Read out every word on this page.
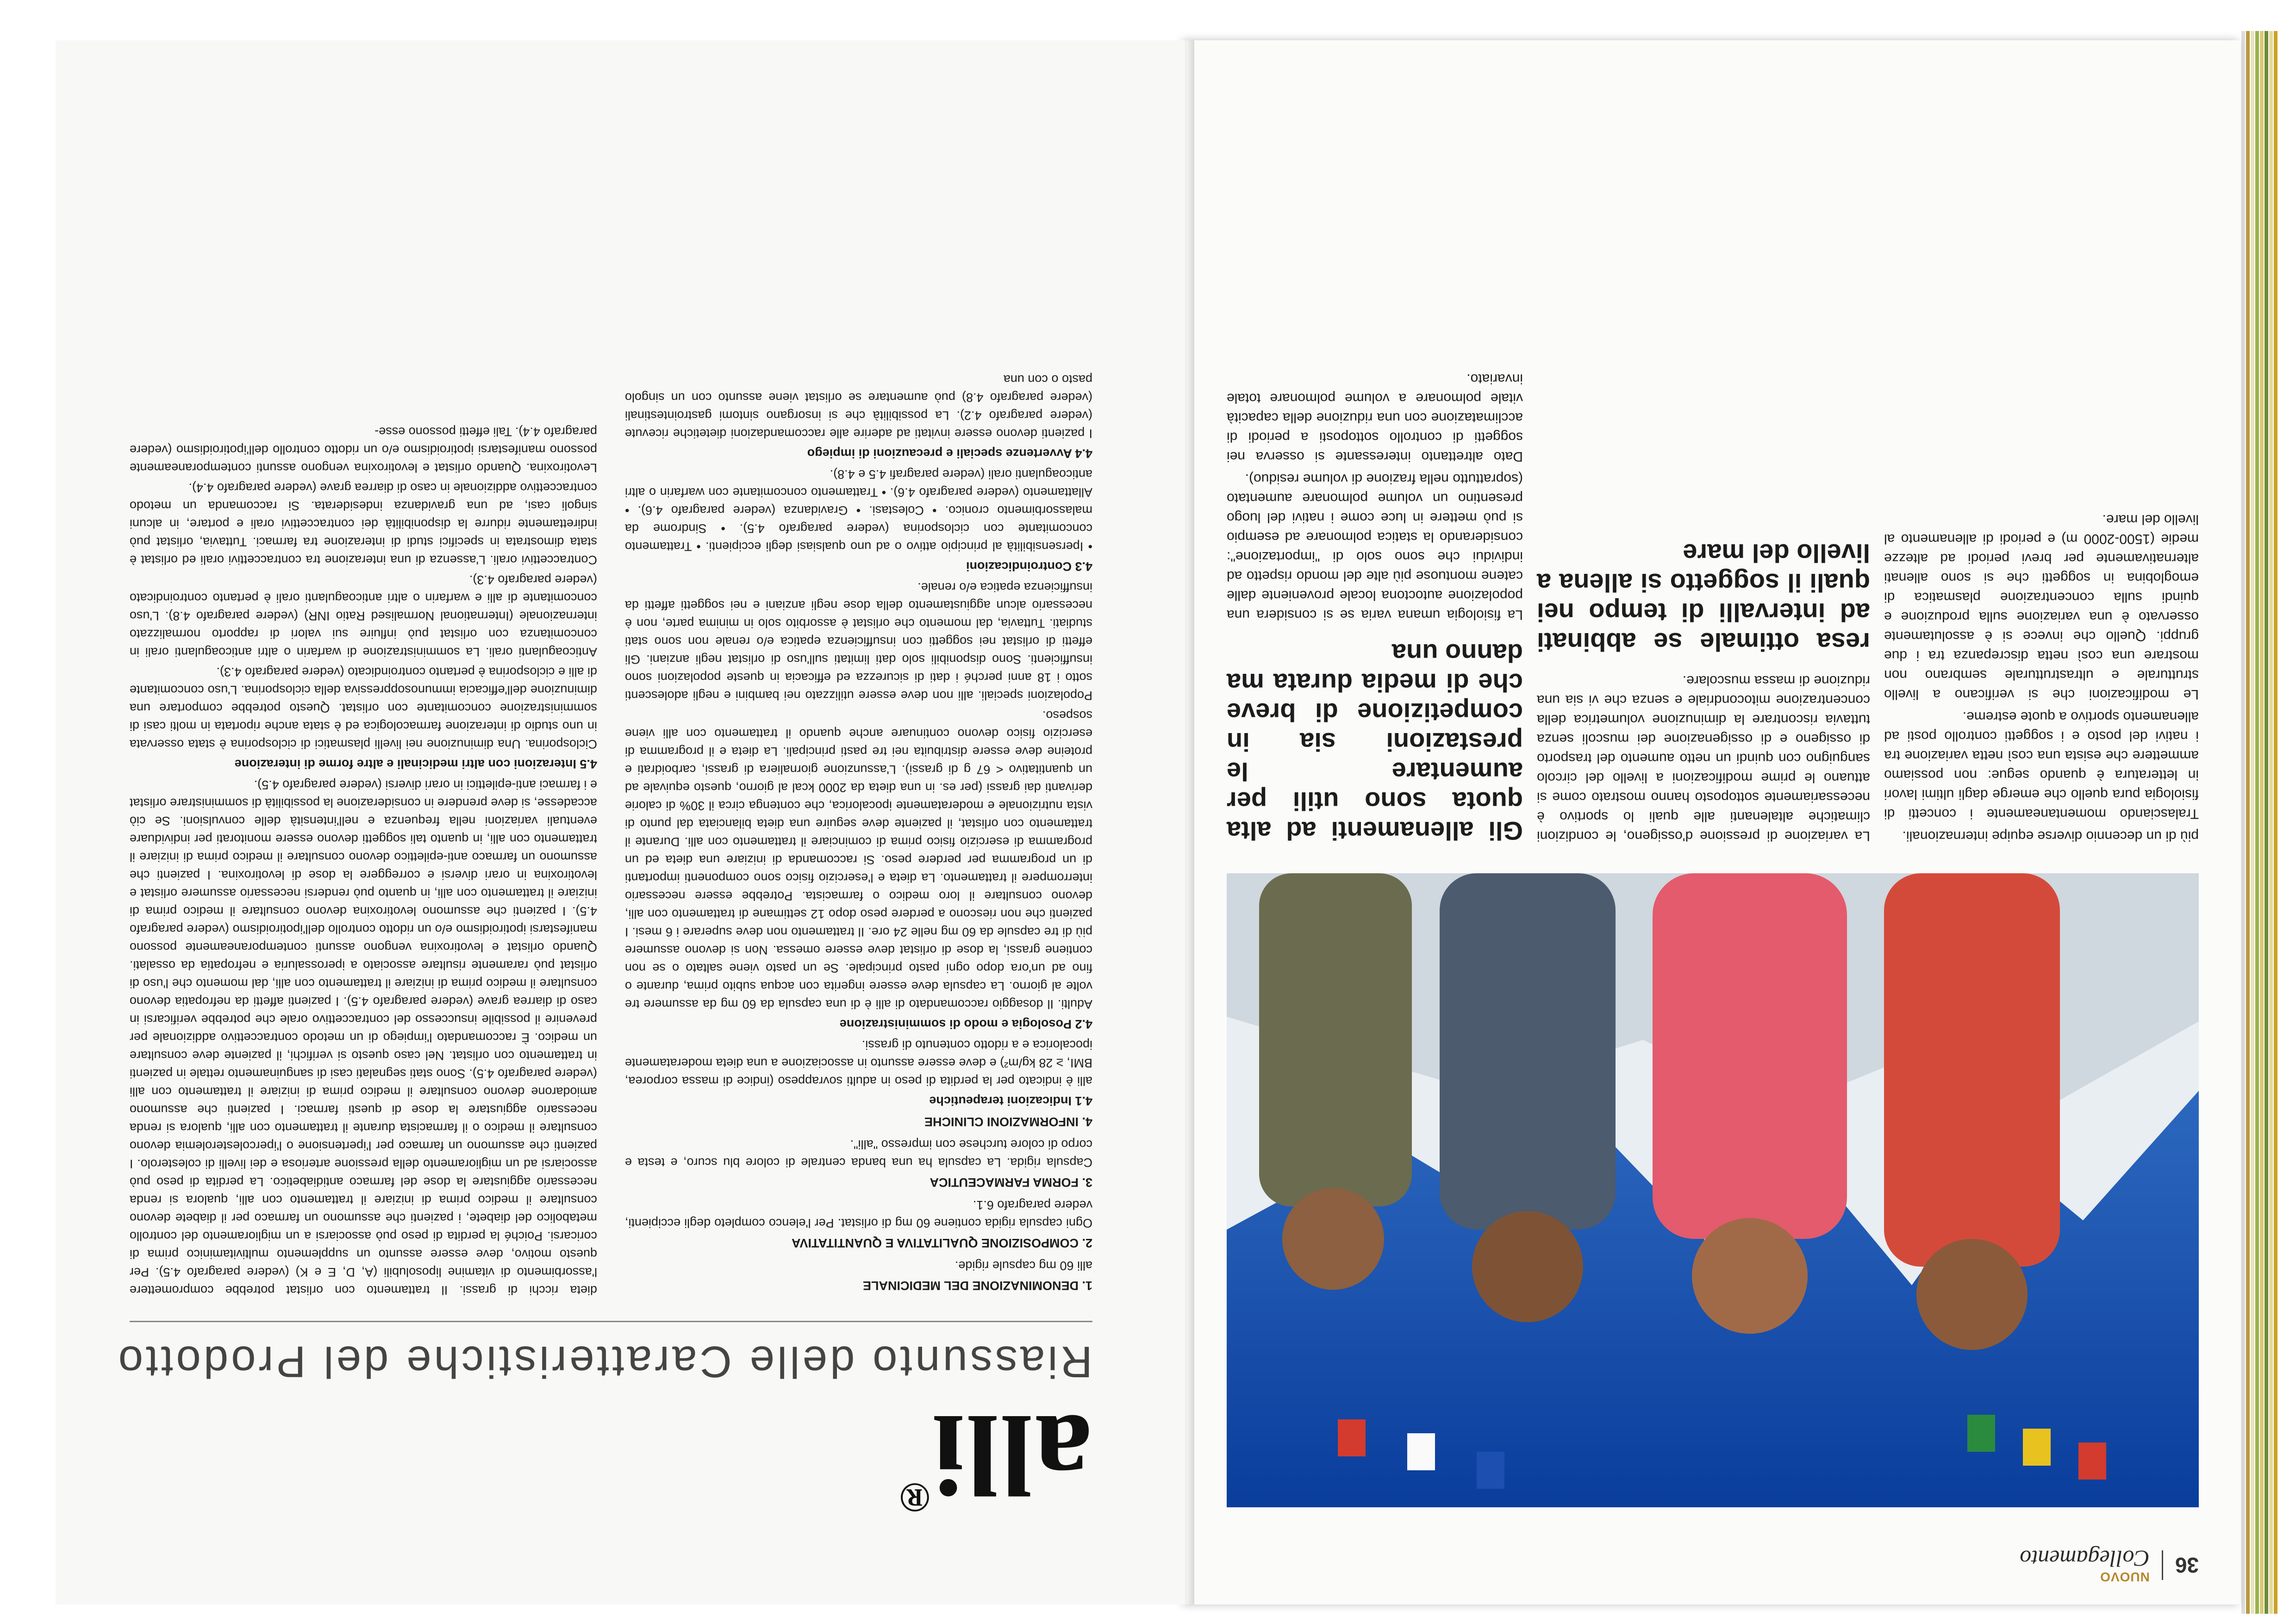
36
NUOVO
Collegamento

più di un decennio diverse equipe internazionali.

Tralasciando momentaneamente i concetti di fisiologia pura quello che emerge dagli ultimi lavori in letteratura è quando segue: non possiamo ammettere che esista una così netta variazione tra i nativi del posto e i soggetti controllo posti ad allenamento sportivo a quote estreme.

Le modificazioni che si verificano a livello strutturale e ultrastrutturale sembrano non mostrare una così netta discrepanza tra i due gruppi. Quello che invece si è assolutamente osservato è una variazione sulla produzione e quindi sulla concentrazione plasmatica di emoglobina in soggetti che si sono allenati alternativamente per brevi periodi ad altezze medie (1500-2000 m) e periodi di allenamento al livello del mare.

La variazione di pressione d'ossigeno, le condizioni climatiche altalenanti alle quali lo sportivo è necessariamente sottoposto hanno mostrato come si attuano le prime modificazioni a livello del circolo sanguigno con quindi un netto aumento del trasporto di ossigeno e di ossigenazione dei muscoli senza tuttavia riscontrare la diminuzione volumetrica della concentrazione mitocondriale e senza che vi sia una riduzione di massa muscolare.

resa ottimale se abbinati ad intervalli di tempo nei quali il soggetto si allena a livello del mare

Gli allenamenti ad alta quota sono utili per aumentare le prestazioni sia in competizione di breve che di media durata ma danno una

La fisiologia umana varia se si considera una popolazione autoctona locale proveniente dalle catene montuose più alte del mondo rispetto ad individui che sono solo di "importazione": considerando la statica polmonare ad esempio si può mettere in luce come i nativi del luogo presentino un volume polmonare aumentato (soprattutto nella frazione di volume residuo).

Dato altrettanto interessante si osserva nei soggetti di controllo sottoposti a periodi di acclimatazione con una riduzione della capacità vitale polmonare a volume polmonare totale invariato.

alli®
Riassunto delle Caratteristiche del Prodotto

1. DENOMINAZIONE DEL MEDICINALE

alli 60 mg capsule rigide.

2. COMPOSIZIONE QUALITATIVA E QUANTITATIVA

Ogni capsula rigida contiene 60 mg di orlistat. Per l'elenco completo degli eccipienti, vedere paragrafo 6.1.

3. FORMA FARMACEUTICA

Capsula rigida. La capsula ha una banda centrale di colore blu scuro, e testa e corpo di colore turchese con impresso "alli".

4. INFORMAZIONI CLINICHE

4.1 Indicazioni terapeutiche

alli è indicato per la perdita di peso in adulti sovrappeso (indice di massa corporea, BMI, ≥ 28 kg/m²) e deve essere assunto in associazione a una dieta moderatamente ipocalorica e a ridotto contenuto di grassi.

4.2 Posologia e modo di somministrazione

Adulti. Il dosaggio raccomandato di alli è di una capsula da 60 mg da assumere tre volte al giorno. La capsula deve essere ingerita con acqua subito prima, durante o fino ad un'ora dopo ogni pasto principale. Se un pasto viene saltato o se non contiene grassi, la dose di orlistat deve essere omessa. Non si devono assumere più di tre capsule da 60 mg nelle 24 ore. Il trattamento non deve superare i 6 mesi. I pazienti che non riescono a perdere peso dopo 12 settimane di trattamento con alli, devono consultare il loro medico o farmacista. Potrebbe essere necessario interrompere il trattamento. La dieta e l'esercizio fisico sono componenti importanti di un programma per perdere peso. Si raccomanda di iniziare una dieta ed un programma di esercizio fisico prima di cominciare il trattamento con alli. Durante il trattamento con orlistat, il paziente deve seguire una dieta bilanciata dal punto di vista nutrizionale e moderatamente ipocalorica, che contenga circa il 30% di calorie derivanti dai grassi (per es. in una dieta da 2000 kcal al giorno, questo equivale ad un quantitativo < 67 g di grassi). L'assunzione giornaliera di grassi, carboidrati e proteine deve essere distribuita nei tre pasti principali. La dieta e il programma di esercizio fisico devono continuare anche quando il trattamento con alli viene sospeso.

Popolazioni speciali. alli non deve essere utilizzato nei bambini e negli adolescenti sotto i 18 anni perché i dati di sicurezza ed efficacia in queste popolazioni sono insufficienti. Sono disponibili solo dati limitati sull'uso di orlistat negli anziani. Gli effetti di orlistat nei soggetti con insufficienza epatica e/o renale non sono stati studiati. Tuttavia, dal momento che orlistat è assorbito solo in minima parte, non è necessario alcun aggiustamento della dose negli anziani e nei soggetti affetti da insufficienza epatica e/o renale.

4.3 Controindicazioni

• Ipersensibilità al principio attivo o ad uno qualsiasi degli eccipienti. • Trattamento concomitante con ciclosporina (vedere paragrafo 4.5). • Sindrome da malassorbimento cronico. • Colestasi. • Gravidanza (vedere paragrafo 4.6). • Allattamento (vedere paragrafo 4.6). • Trattamento concomitante con warfarin o altri anticoagulanti orali (vedere paragrafi 4.5 e 4.8).

4.4 Avvertenze speciali e precauzioni di impiego

I pazienti devono essere invitati ad aderire alle raccomandazioni dietetiche ricevute (vedere paragrafo 4.2). La possibilità che si insorgano sintomi gastrointestinali (vedere paragrafo 4.8) può aumentare se orlistat viene assunto con un singolo pasto o con una

dieta ricchi di grassi. Il trattamento con orlistat potrebbe compromettere l'assorbimento di vitamine liposolubili (A, D, E e K) (vedere paragrafo 4.5). Per questo motivo, deve essere assunto un supplemento multivitaminico prima di coricarsi. Poiché la perdita di peso può associarsi a un miglioramento del controllo metabolico del diabete, i pazienti che assumono un farmaco per il diabete devono consultare il medico prima di iniziare il trattamento con alli, qualora si renda necessario aggiustare la dose del farmaco antidiabetico. La perdita di peso può associarsi ad un miglioramento della pressione arteriosa e dei livelli di colesterolo. I pazienti che assumono un farmaco per l'ipertensione o l'ipercolesterolemia devono consultare il medico o il farmacista durante il trattamento con alli, qualora si renda necessario aggiustare la dose di questi farmaci. I pazienti che assumono amiodarone devono consultare il medico prima di iniziare il trattamento con alli (vedere paragrafo 4.5). Sono stati segnalati casi di sanguinamento rettale in pazienti in trattamento con orlistat. Nel caso questo si verifichi, il paziente deve consultare un medico. È raccomandato l'impiego di un metodo contraccettivo addizionale per prevenire il possibile insuccesso del contraccettivo orale che potrebbe verificarsi in caso di diarrea grave (vedere paragrafo 4.5). I pazienti affetti da nefropatia devono consultare il medico prima di iniziare il trattamento con alli, dal momento che l'uso di orlistat può raramente risultare associato a iperossaluria e nefropatia da ossalati. Quando orlistat e levotiroxina vengono assunti contemporaneamente possono manifestarsi ipotiroidismo e/o un ridotto controllo dell'ipotiroidismo (vedere paragrafo 4.5). I pazienti che assumono levotiroxina devono consultare il medico prima di iniziare il trattamento con alli, in quanto può rendersi necessario assumere orlistat e levotiroxina in orari diversi e correggere la dose di levotiroxina. I pazienti che assumono un farmaco anti-epilettico devono consultare il medico prima di iniziare il trattamento con alli, in quanto tali soggetti devono essere monitorati per individuare eventuali variazioni nella frequenza e nell'intensità delle convulsioni. Se ciò accadesse, si deve prendere in considerazione la possibilità di somministrare orlistat e i farmaci anti-epilettici in orari diversi (vedere paragrafo 4.5).

4.5 Interazioni con altri medicinali e altre forme di interazione

Ciclosporina. Una diminuzione nei livelli plasmatici di ciclosporina è stata osservata in uno studio di interazione farmacologica ed è stata anche riportata in molti casi di somministrazione concomitante con orlistat. Questo potrebbe comportare una diminuzione dell'efficacia immunosoppressiva della ciclosporina. L'uso concomitante di alli e ciclosporina è pertanto controindicato (vedere paragrafo 4.3).

Anticoagulanti orali. La somministrazione di warfarin o altri anticoagulanti orali in concomitanza con orlistat può influire sui valori di rapporto normalizzato internazionale (International Normalised Ratio INR) (vedere paragrafo 4.8). L'uso concomitante di alli e warfarin o altri anticoagulanti orali è pertanto controindicato (vedere paragrafo 4.3).

Contraccettivi orali. L'assenza di una interazione tra contraccettivi orali ed orlistat è stata dimostrata in specifici studi di interazione tra farmaci. Tuttavia, orlistat può indirettamente ridurre la disponibilità dei contraccettivi orali e portare, in alcuni singoli casi, ad una gravidanza indesiderata. Si raccomanda un metodo contraccettivo addizionale in caso di diarrea grave (vedere paragrafo 4.4).

Levotiroxina. Quando orlistat e levotiroxina vengono assunti contemporaneamente possono manifestarsi ipotiroidismo e/o un ridotto controllo dell'ipotiroidismo (vedere paragrafo 4.4). Tali effetti possono esse-
